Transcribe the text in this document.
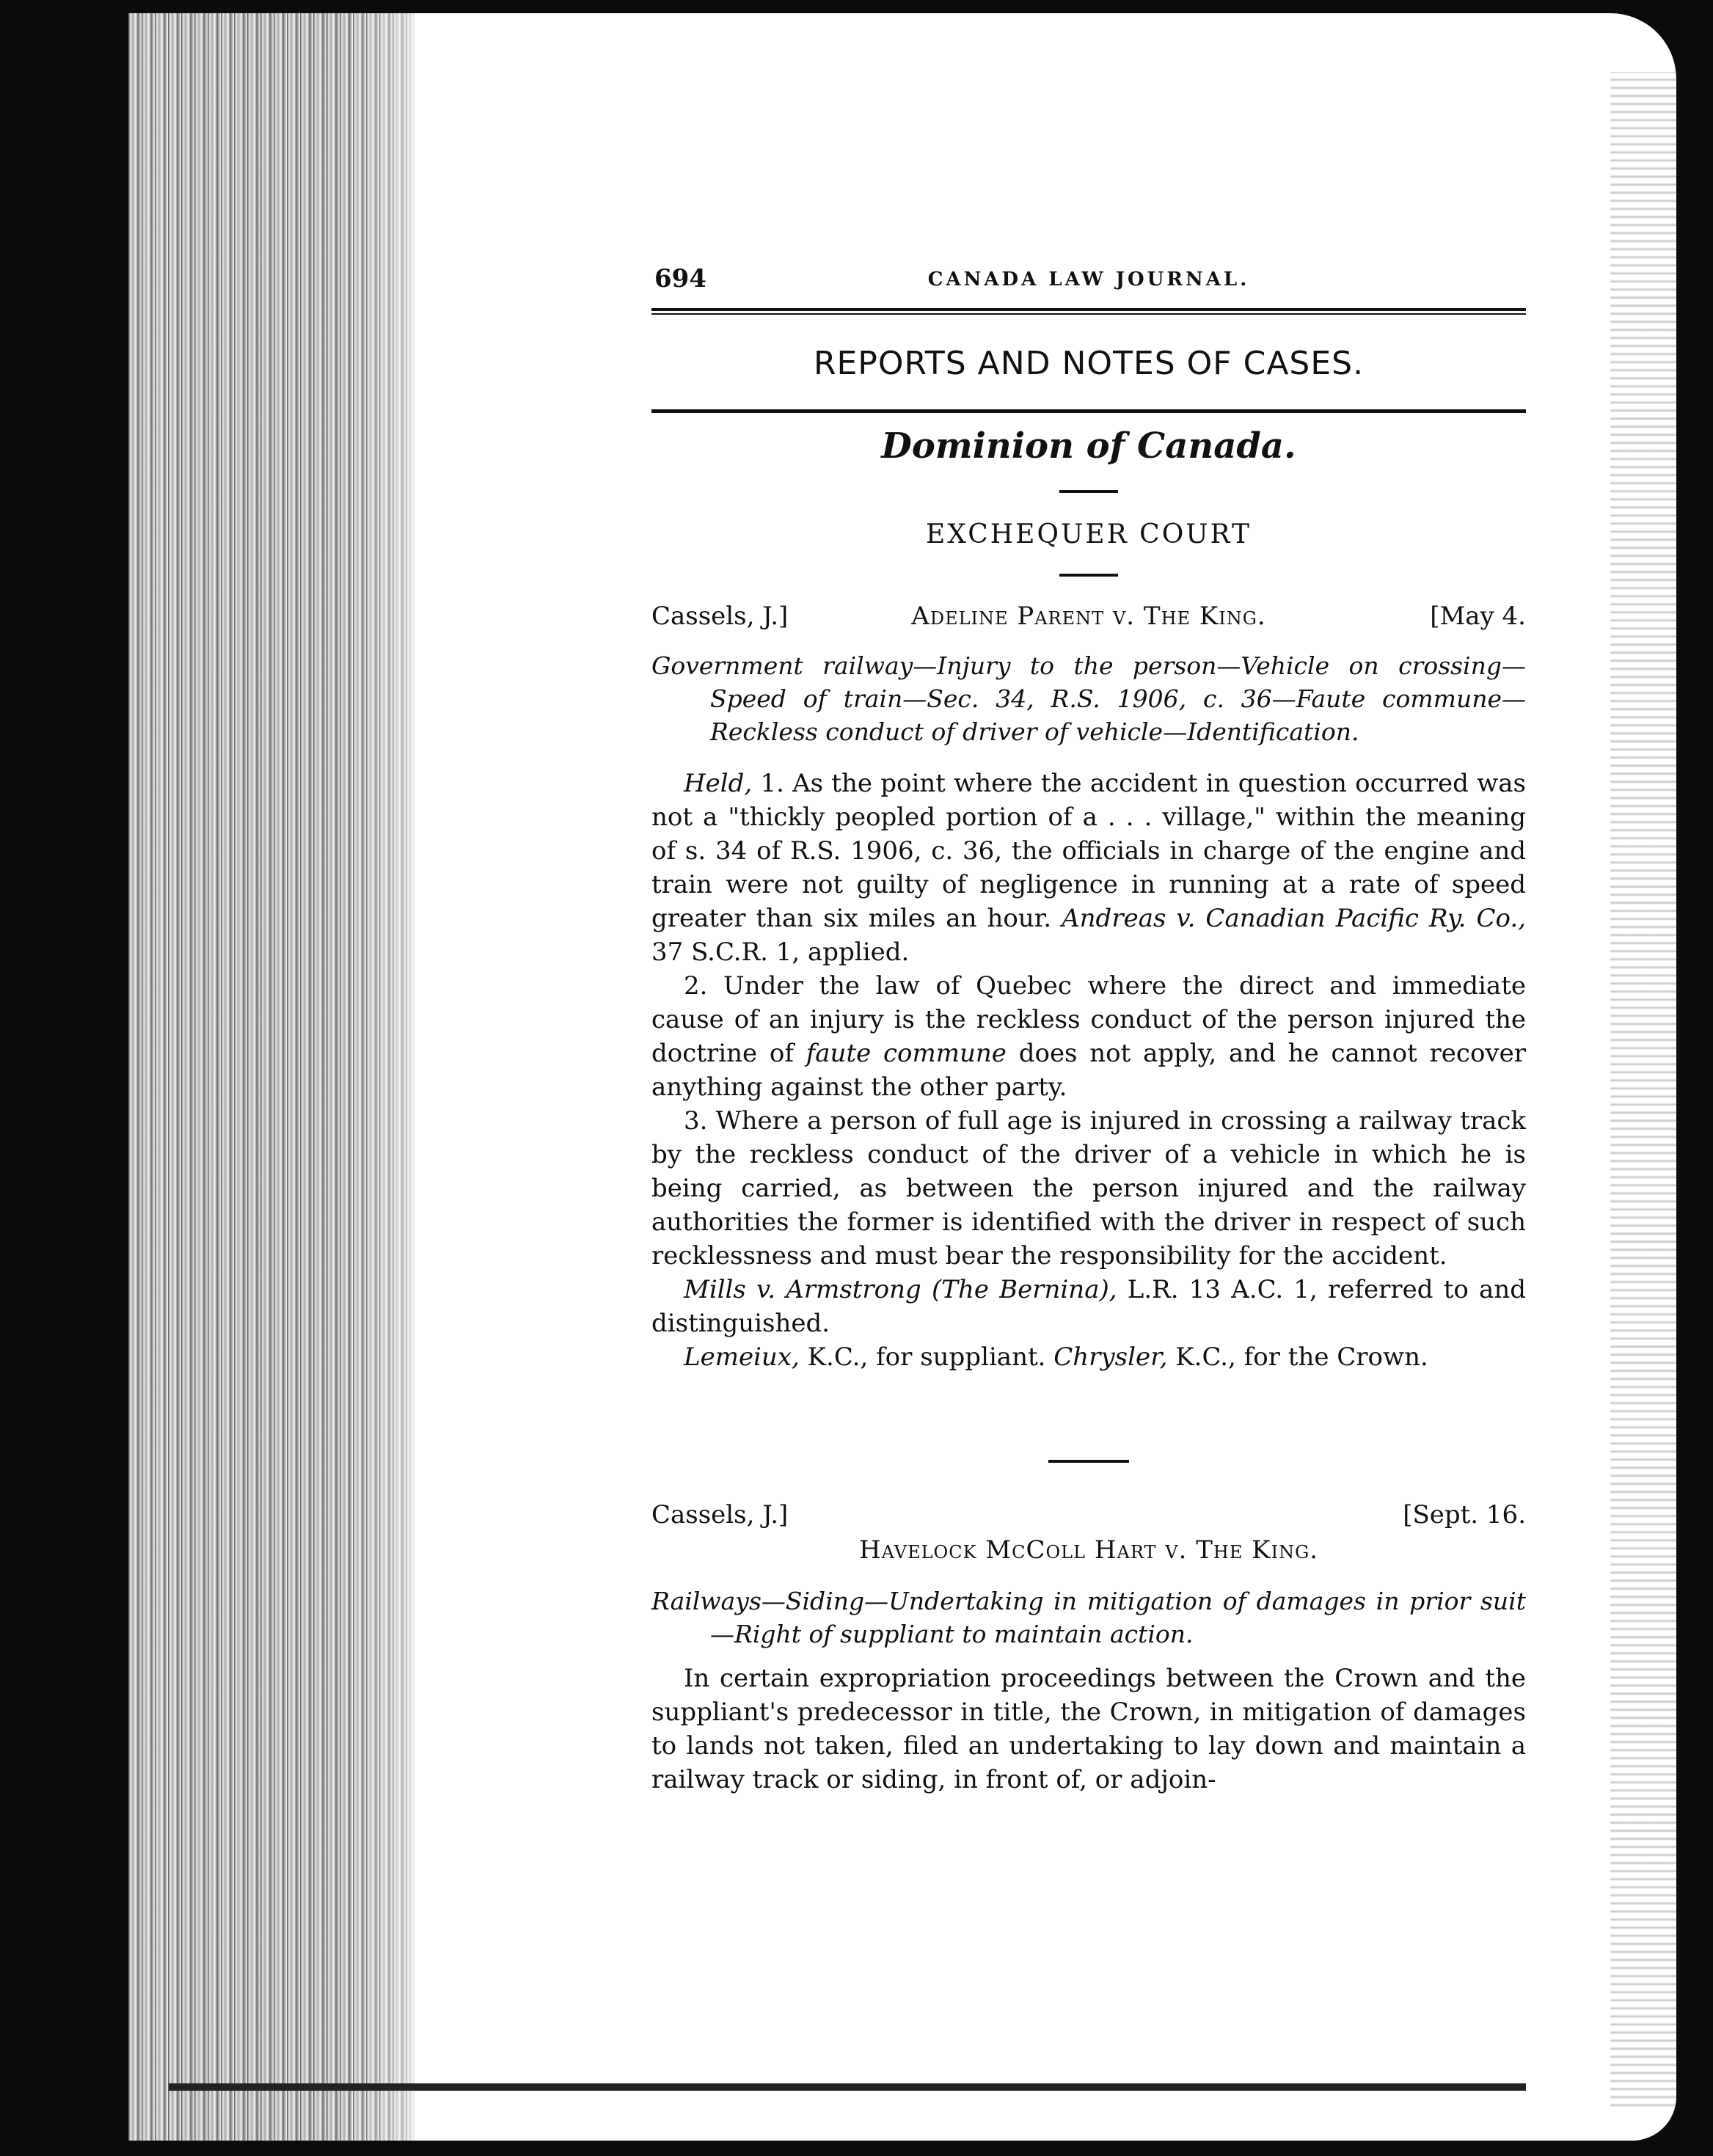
694	CANADA LAW JOURNAL.
REPORTS AND NOTES OF CASES.
Dominion of Canada.
EXCHEQUER COURT
Cassels, J.]	Adeline Parent v. The King.	[May 4.

Government railway—Injury to the person—Vehicle on crossing—Speed of train—Sec. 34, R.S. 1906, c. 36—Faute commune—Reckless conduct of driver of vehicle—Identification.

Held, 1. As the point where the accident in question occurred was not a "thickly peopled portion of a . . . village," within the meaning of s. 34 of R.S. 1906, c. 36, the officials in charge of the engine and train were not guilty of negligence in running at a rate of speed greater than six miles an hour. Andreas v. Canadian Pacific Ry. Co., 37 S.C.R. 1, applied.

2. Under the law of Quebec where the direct and immediate cause of an injury is the reckless conduct of the person injured the doctrine of faute commune does not apply, and he cannot recover anything against the other party.

3. Where a person of full age is injured in crossing a railway track by the reckless conduct of the driver of a vehicle in which he is being carried, as between the person injured and the railway authorities the former is identified with the driver in respect of such recklessness and must bear the responsibility for the accident.

Mills v. Armstrong (The Bernina), L.R. 13 A.C. 1, referred to and distinguished.

Lemeiux, K.C., for suppliant. Chrysler, K.C., for the Crown.

Cassels, J.]	[Sept. 16.
Havelock McColl Hart v. The King.

Railways—Siding—Undertaking in mitigation of damages in prior suit—Right of suppliant to maintain action.

In certain expropriation proceedings between the Crown and the suppliant's predecessor in title, the Crown, in mitigation of damages to lands not taken, filed an undertaking to lay down and maintain a railway track or siding, in front of, or adjoin-
